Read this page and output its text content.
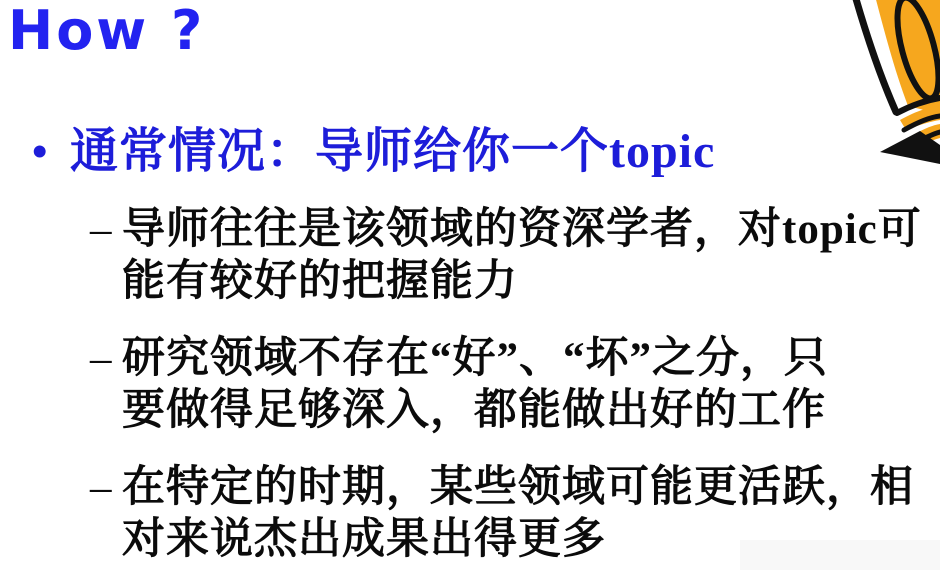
How ?
• 通常情况：导师给你一个topic
– 导师往往是该领域的资深学者，对topic可
能有较好的把握能力
– 研究领域不存在“好”、“坏”之分，只
要做得足够深入，都能做出好的工作
– 在特定的时期，某些领域可能更活跃，相
对来说杰出成果出得更多
